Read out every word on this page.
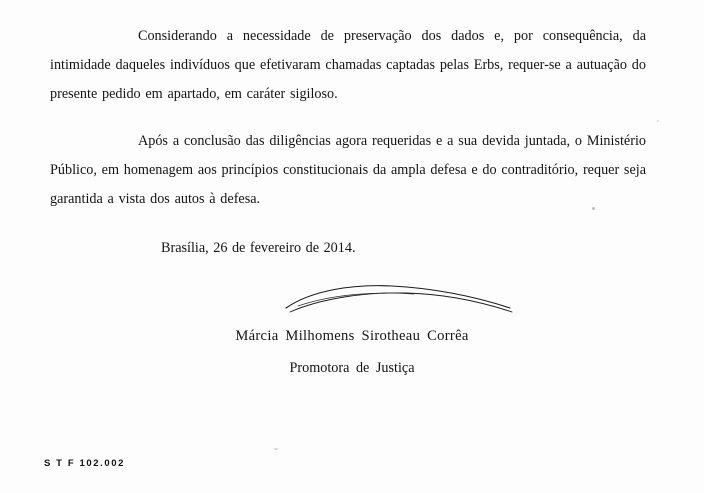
Considerando a necessidade de preservação dos dados e, por consequência, da intimidade daqueles indivíduos que efetivaram chamadas captadas pelas Erbs, requer-se a autuação do presente pedido em apartado, em caráter sigiloso.

Após a conclusão das diligências agora requeridas e a sua devida juntada, o Ministério Público, em homenagem aos princípios constitucionais da ampla defesa e do contraditório, requer seja garantida a vista dos autos à defesa.

Brasília, 26 de fevereiro de 2014.
Márcia Milhomens Sirotheau Corrêa
Promotora de Justiça
S T F 102.002
